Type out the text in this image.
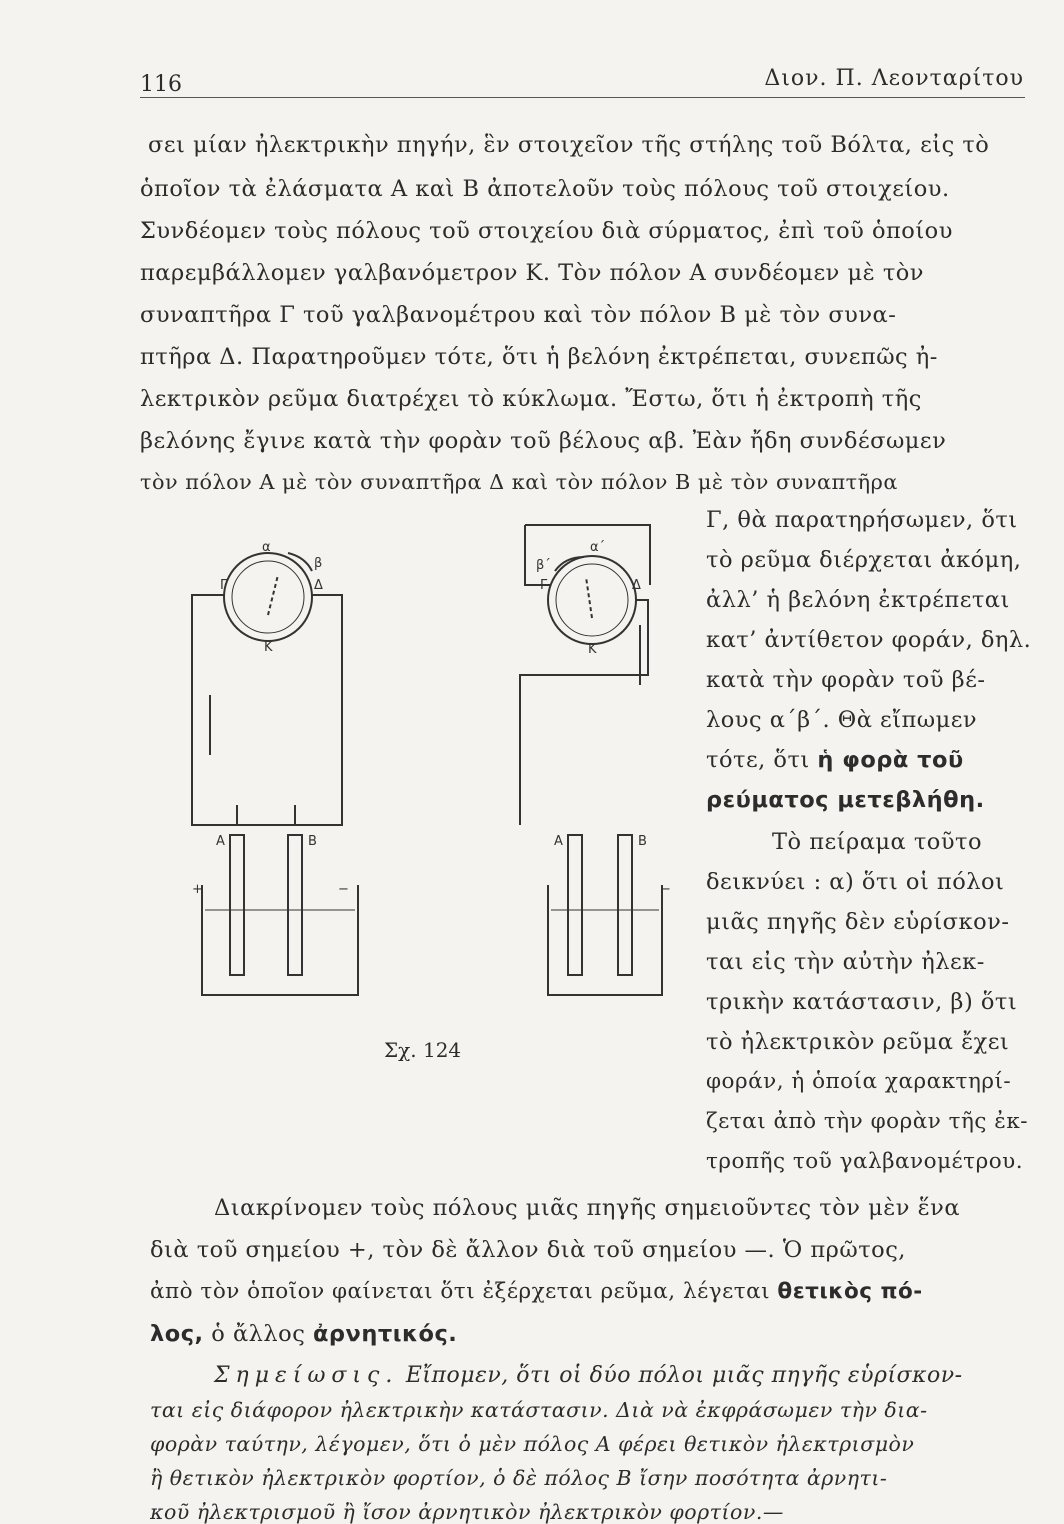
116	Διον. Π. Λεονταρίτου
σει μίαν ἠλεκτρικὴν πηγήν, ἓν στοιχεῖον τῆς στήλης τοῦ Βόλτα, εἰς τὸ
ὁποῖον τὰ ἐλάσματα Α καὶ Β ἀποτελοῦν τοὺς πόλους τοῦ στοιχείου.
Συνδέομεν τοὺς πόλους τοῦ στοιχείου διὰ σύρματος, ἐπὶ τοῦ ὁποίου
παρεμβάλλομεν γαλβανόμετρον Κ. Τὸν πόλον Α συνδέομεν μὲ τὸν
συναπτῆρα Γ τοῦ γαλβανομέτρου καὶ τὸν πόλον Β μὲ τὸν συνα-
πτῆρα Δ. Παρατηροῦμεν τότε, ὅτι ἡ βελόνη ἐκτρέπεται, συνεπῶς ἠ-
λεκτρικὸν ρεῦμα διατρέχει τὸ κύκλωμα. Ἔστω, ὅτι ἡ ἐκτροπὴ τῆς
βελόνης ἔγινε κατὰ τὴν φορὰν τοῦ βέλους αβ. Ἐὰν ἤδη συνδέσωμεν
τὸν πόλον Α μὲ τὸν συναπτῆρα Δ καὶ τὸν πόλον Β μὲ τὸν συναπτῆρα
Γ, θὰ παρατηρήσωμεν, ὅτι
τὸ ρεῦμα διέρχεται ἀκόμη,
ἀλλ’ ἡ βελόνη ἐκτρέπεται
κατ’ ἀντίθετον φοράν, δηλ.
κατὰ τὴν φορὰν τοῦ βέ-
λους α΄β΄. Θὰ εἴπωμεν
τότε, ὅτι ἡ φορὰ τοῦ
ρεύματος μετεβλήθη.
Τὸ πείραμα τοῦτο
δεικνύει : α) ὅτι οἱ πόλοι
μιᾶς πηγῆς δὲν εὑρίσκον-
ται εἰς τὴν αὐτὴν ἠλεκ-
τρικὴν κατάστασιν, β) ὅτι
τὸ ἠλεκτρικὸν ρεῦμα ἔχει
φοράν, ἡ ὁποία χαρακτηρί-
ζεται ἀπὸ τὴν φορὰν τῆς ἐκ-
τροπῆς τοῦ γαλβανομέτρου.
α
β
Γ	Δ
Κ
α΄
β΄
Γ	Δ
Κ
Α	Β
+	−
Α	Β
−
Σχ. 124
Διακρίνομεν τοὺς πόλους μιᾶς πηγῆς σημειοῦντες τὸν μὲν ἕνα
διὰ τοῦ σημείου +, τὸν δὲ ἄλλον διὰ τοῦ σημείου —. Ὁ πρῶτος,
ἀπὸ τὸν ὁποῖον φαίνεται ὅτι ἐξέρχεται ρεῦμα, λέγεται θετικὸς πό-
λος, ὁ ἄλλος ἀρνητικός.
Σημείωσις. Εἴπομεν, ὅτι οἱ δύο πόλοι μιᾶς πηγῆς εὑρίσκον-
ται εἰς διάφορον ἠλεκτρικὴν κατάστασιν. Διὰ νὰ ἐκφράσωμεν τὴν δια-
φορὰν ταύτην, λέγομεν, ὅτι ὁ μὲν πόλος Α φέρει θετικὸν ἠλεκτρισμὸν
ἢ θετικὸν ἠλεκτρικὸν φορτίον, ὁ δὲ πόλος Β ἴσην ποσότητα ἀρνητι-
κοῦ ἠλεκτρισμοῦ ἢ ἴσον ἀρνητικὸν ἠλεκτρικὸν φορτίον.—
